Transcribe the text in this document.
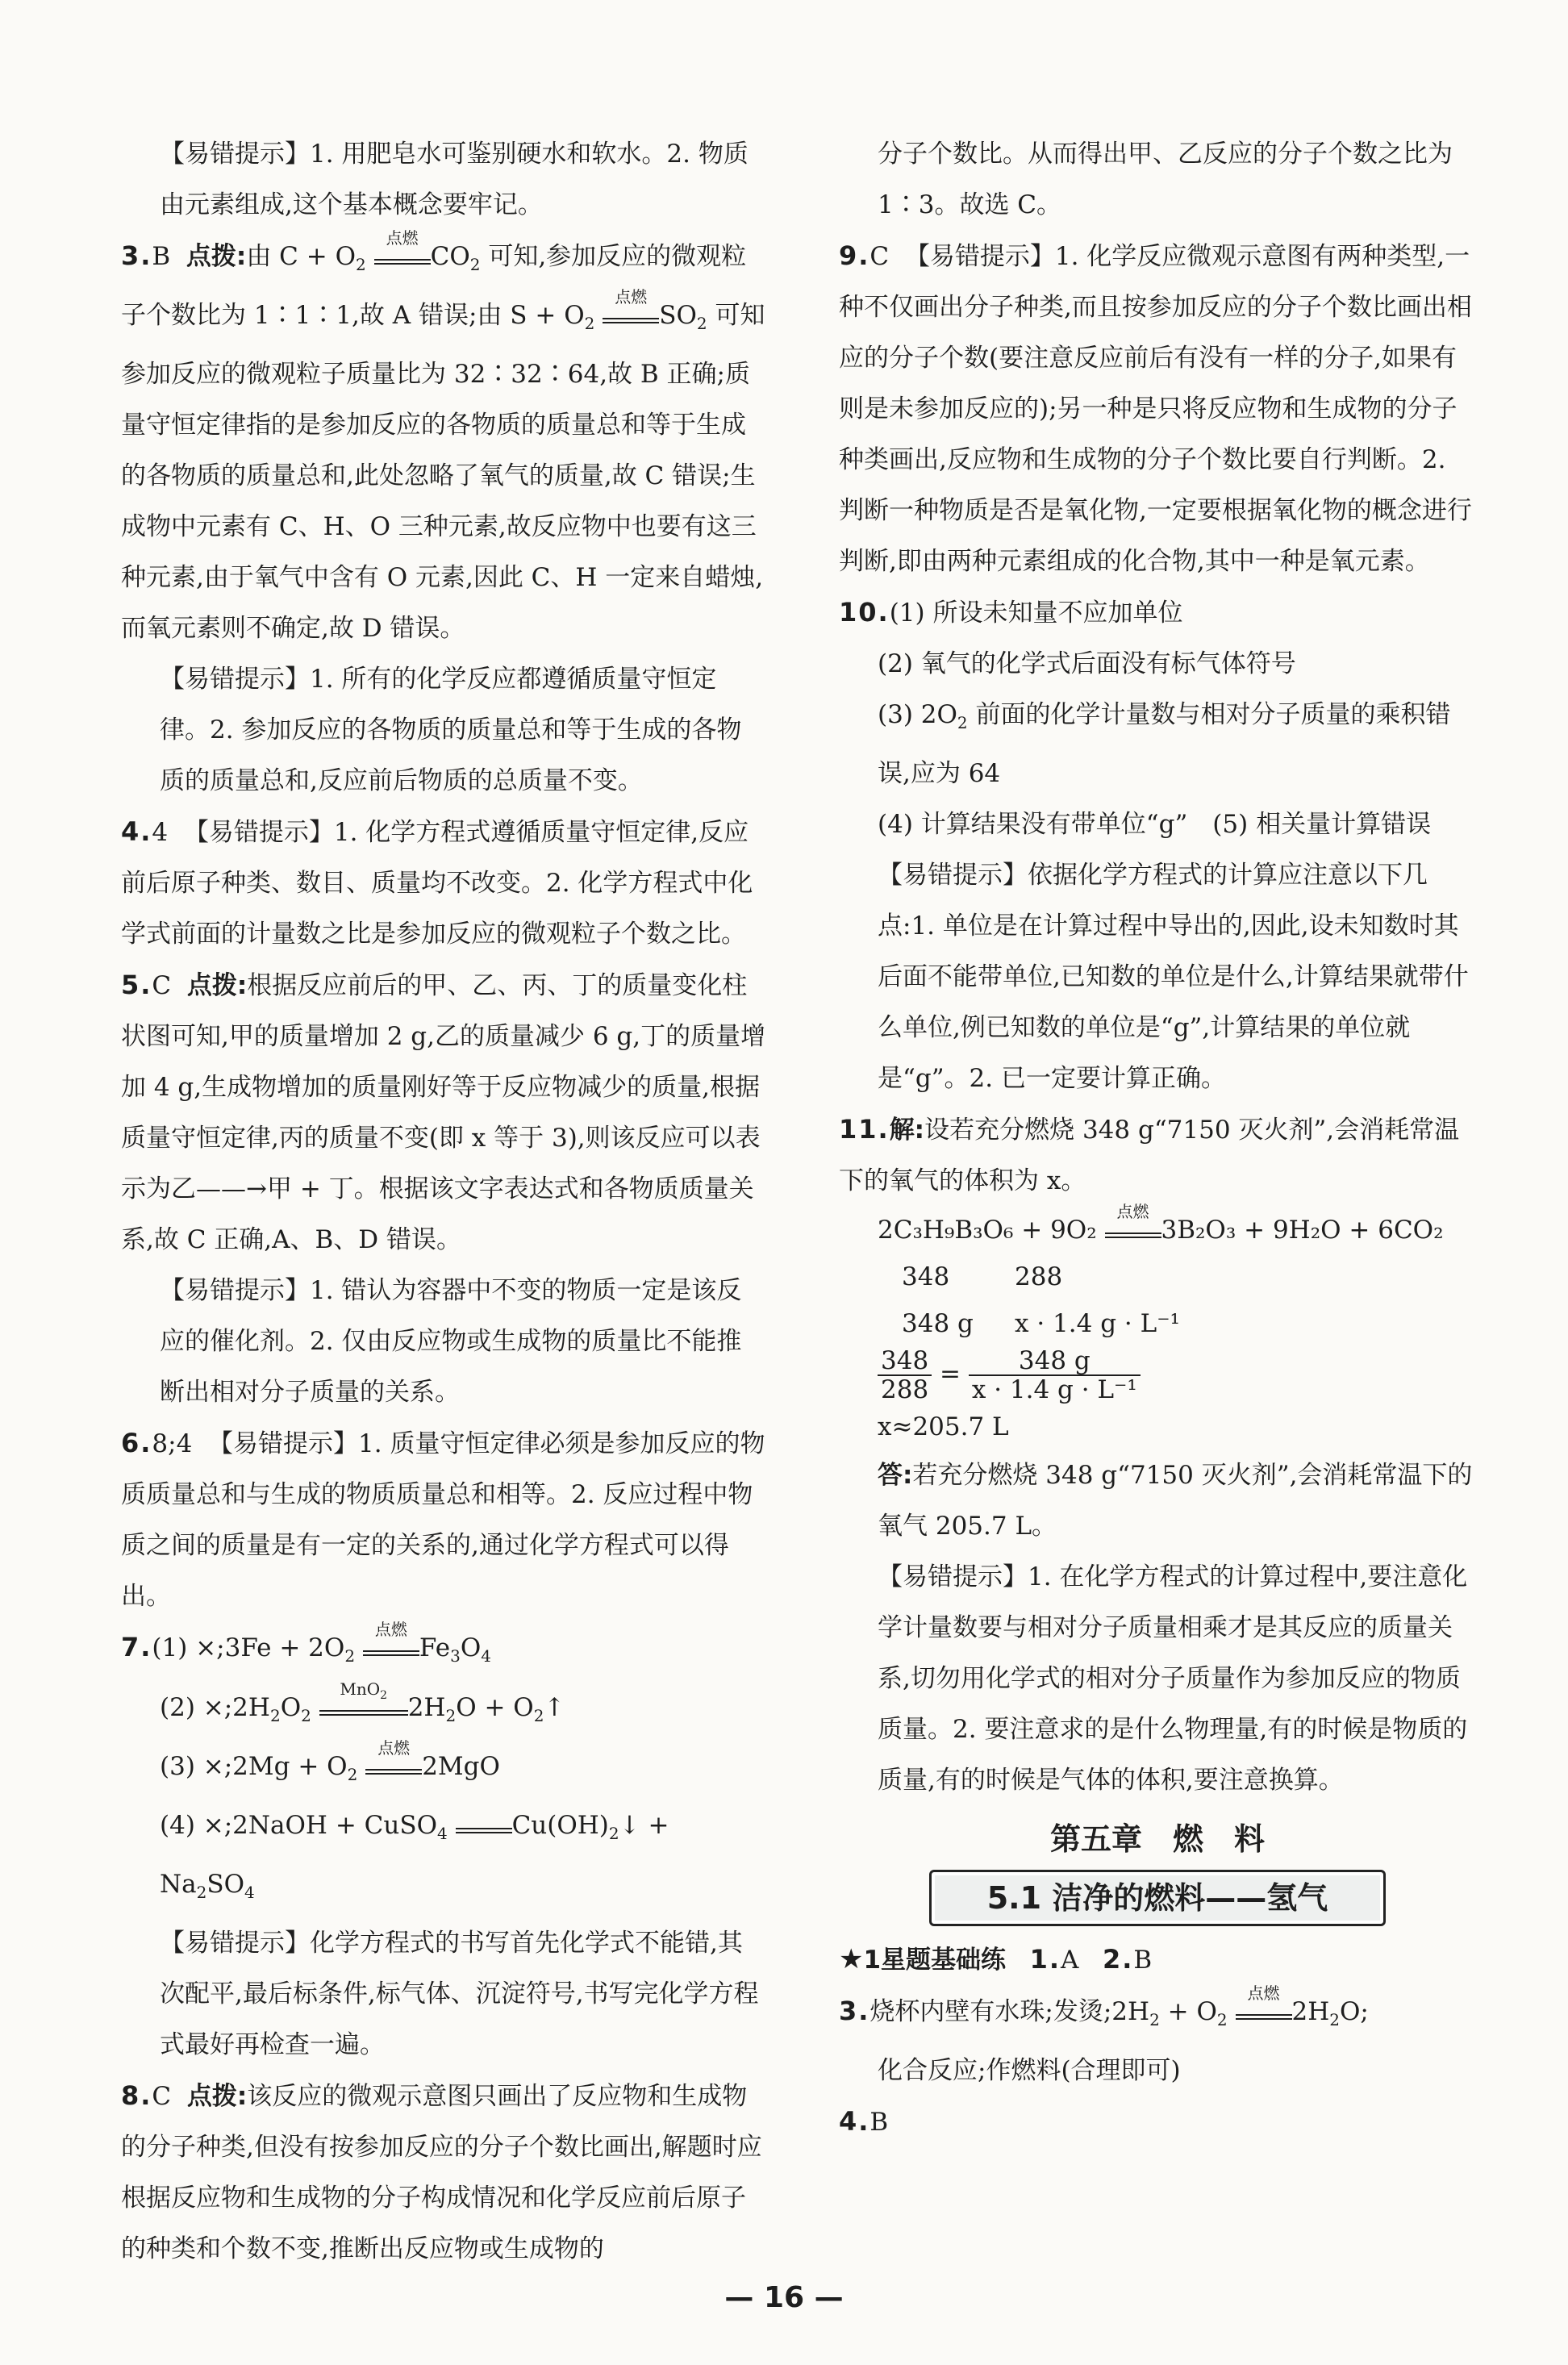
【易错提示】1. 用肥皂水可鉴别硬水和软水。2. 物质由元素组成,这个基本概念要牢记。

3.B 点拨:由 $C + O_2$
点燃
$CO_2$ 可知,参加反应的微观粒子个数比为 1∶1∶1,故 A 错误;由 $S + O_2$
点燃
$SO_2$ 可知参加反应的微观粒子质量比为 32∶32∶64,故 B 正确;质量守恒定律指的是参加反应的各物质的质量总和等于生成的各物质的质量总和,此处忽略了氧气的质量,故 C 错误;生成物中元素有 C、H、O 三种元素,故反应物中也要有这三种元素,由于氧气中含有 O 元素,因此 C、H 一定来自蜡烛,而氧元素则不确定,故 D 错误。

【易错提示】1. 所有的化学反应都遵循质量守恒定律。2. 参加反应的各物质的质量总和等于生成的各物质的质量总和,反应前后物质的总质量不变。

4.4 【易错提示】1. 化学方程式遵循质量守恒定律,反应前后原子种类、数目、质量均不改变。2. 化学方程式中化学式前面的计量数之比是参加反应的微观粒子个数之比。

5.C 点拨:根据反应前后的甲、乙、丙、丁的质量变化柱状图可知,甲的质量增加 2 g,乙的质量减少 6 g,丁的质量增加 4 g,生成物增加的质量刚好等于反应物减少的质量,根据质量守恒定律,丙的质量不变(即 x 等于 3),则该反应可以表示为乙——→甲 + 丁。根据该文字表达式和各物质质量关系,故 C 正确,A、B、D 错误。

【易错提示】1. 错认为容器中不变的物质一定是该反应的催化剂。2. 仅由反应物或生成物的质量比不能推断出相对分子质量的关系。

6.8;4 【易错提示】1. 质量守恒定律必须是参加反应的物质质量总和与生成的物质质量总和相等。2. 反应过程中物质之间的质量是有一定的关系的,通过化学方程式可以得出。

7.(1) ×;3Fe + $2O_2$
点燃
$Fe_3O_4$

$(2) \times;2H_2O_2$
MnO$_2$ $2H_2O$ + $O_2↑$

(3) ×;2Mg + $O_2$
点燃
2MgO

(4) ×;2NaOH + CuSO$_4$	$Cu(OH)_2↓ + Na_2SO_4$

【易错提示】化学方程式的书写首先化学式不能错,其次配平,最后标条件,标气体、沉淀符号,书写完化学方程式最好再检查一遍。

8.C 点拨:该反应的微观示意图只画出了反应物和生成物的分子种类,但没有按参加反应的分子个数比画出,解题时应根据反应物和生成物的分子构成情况和化学反应前后原子的种类和个数不变,推断出反应物或生成物的

分子个数比。从而得出甲、乙反应的分子个数之比为 1∶3。故选 C。

9.C 【易错提示】1. 化学反应微观示意图有两种类型,一种不仅画出分子种类,而且按参加反应的分子个数比画出相应的分子个数(要注意反应前后有没有一样的分子,如果有则是未参加反应的);另一种是只将反应物和生成物的分子种类画出,反应物和生成物的分子个数比要自行判断。2. 判断一种物质是否是氧化物,一定要根据氧化物的概念进行判断,即由两种元素组成的化合物,其中一种是氧元素。

10.(1) 所设未知量不应加单位

(2) 氧气的化学式后面没有标气体符号

(3) $2O_2$ 前面的化学计量数与相对分子质量的乘积错误,应为 64

(4) 计算结果没有带单位“g”　(5) 相关量计算错误

【易错提示】依据化学方程式的计算应注意以下几点:1. 单位是在计算过程中导出的,因此,设未知数时其后面不能带单位,已知数的单位是什么,计算结果就带什么单位,例已知数的单位是“g”,计算结果的单位就是“g”。2. 已一定要计算正确。

11.解:设若充分燃烧 348 g“7150 灭火剂”,会消耗常温下的氧气的体积为 x。

2C₃H₉B₃O₆ + 9O₂
点燃
3B₂O₃ + 9H₂O + 6CO₂
348	288
348 g x · 1.4 g · L⁻¹
$\frac{348}{288} = \frac{348 g}{\text{x · 1.4 g · L⁻¹}}$
x≈205.7 L

答:若充分燃烧 348 g“7150 灭火剂”,会消耗常温下的氧气 205.7 L。

【易错提示】1. 在化学方程式的计算过程中,要注意化学计量数要与相对分子质量相乘才是其反应的质量关系,切勿用化学式的相对分子质量作为参加反应的物质质量。2. 要注意求的是什么物理量,有的时候是物质的质量,有的时候是气体的体积,要注意换算。

第五章　燃　料
5.1 洁净的燃料——氢气

★1星题基础练 1.A 2.B

3.烧杯内壁有水珠;发烫$;2H_2 + O_2$
点燃
$2H_2O$;

化合反应;作燃料(合理即可)

4.B

— 16 —
